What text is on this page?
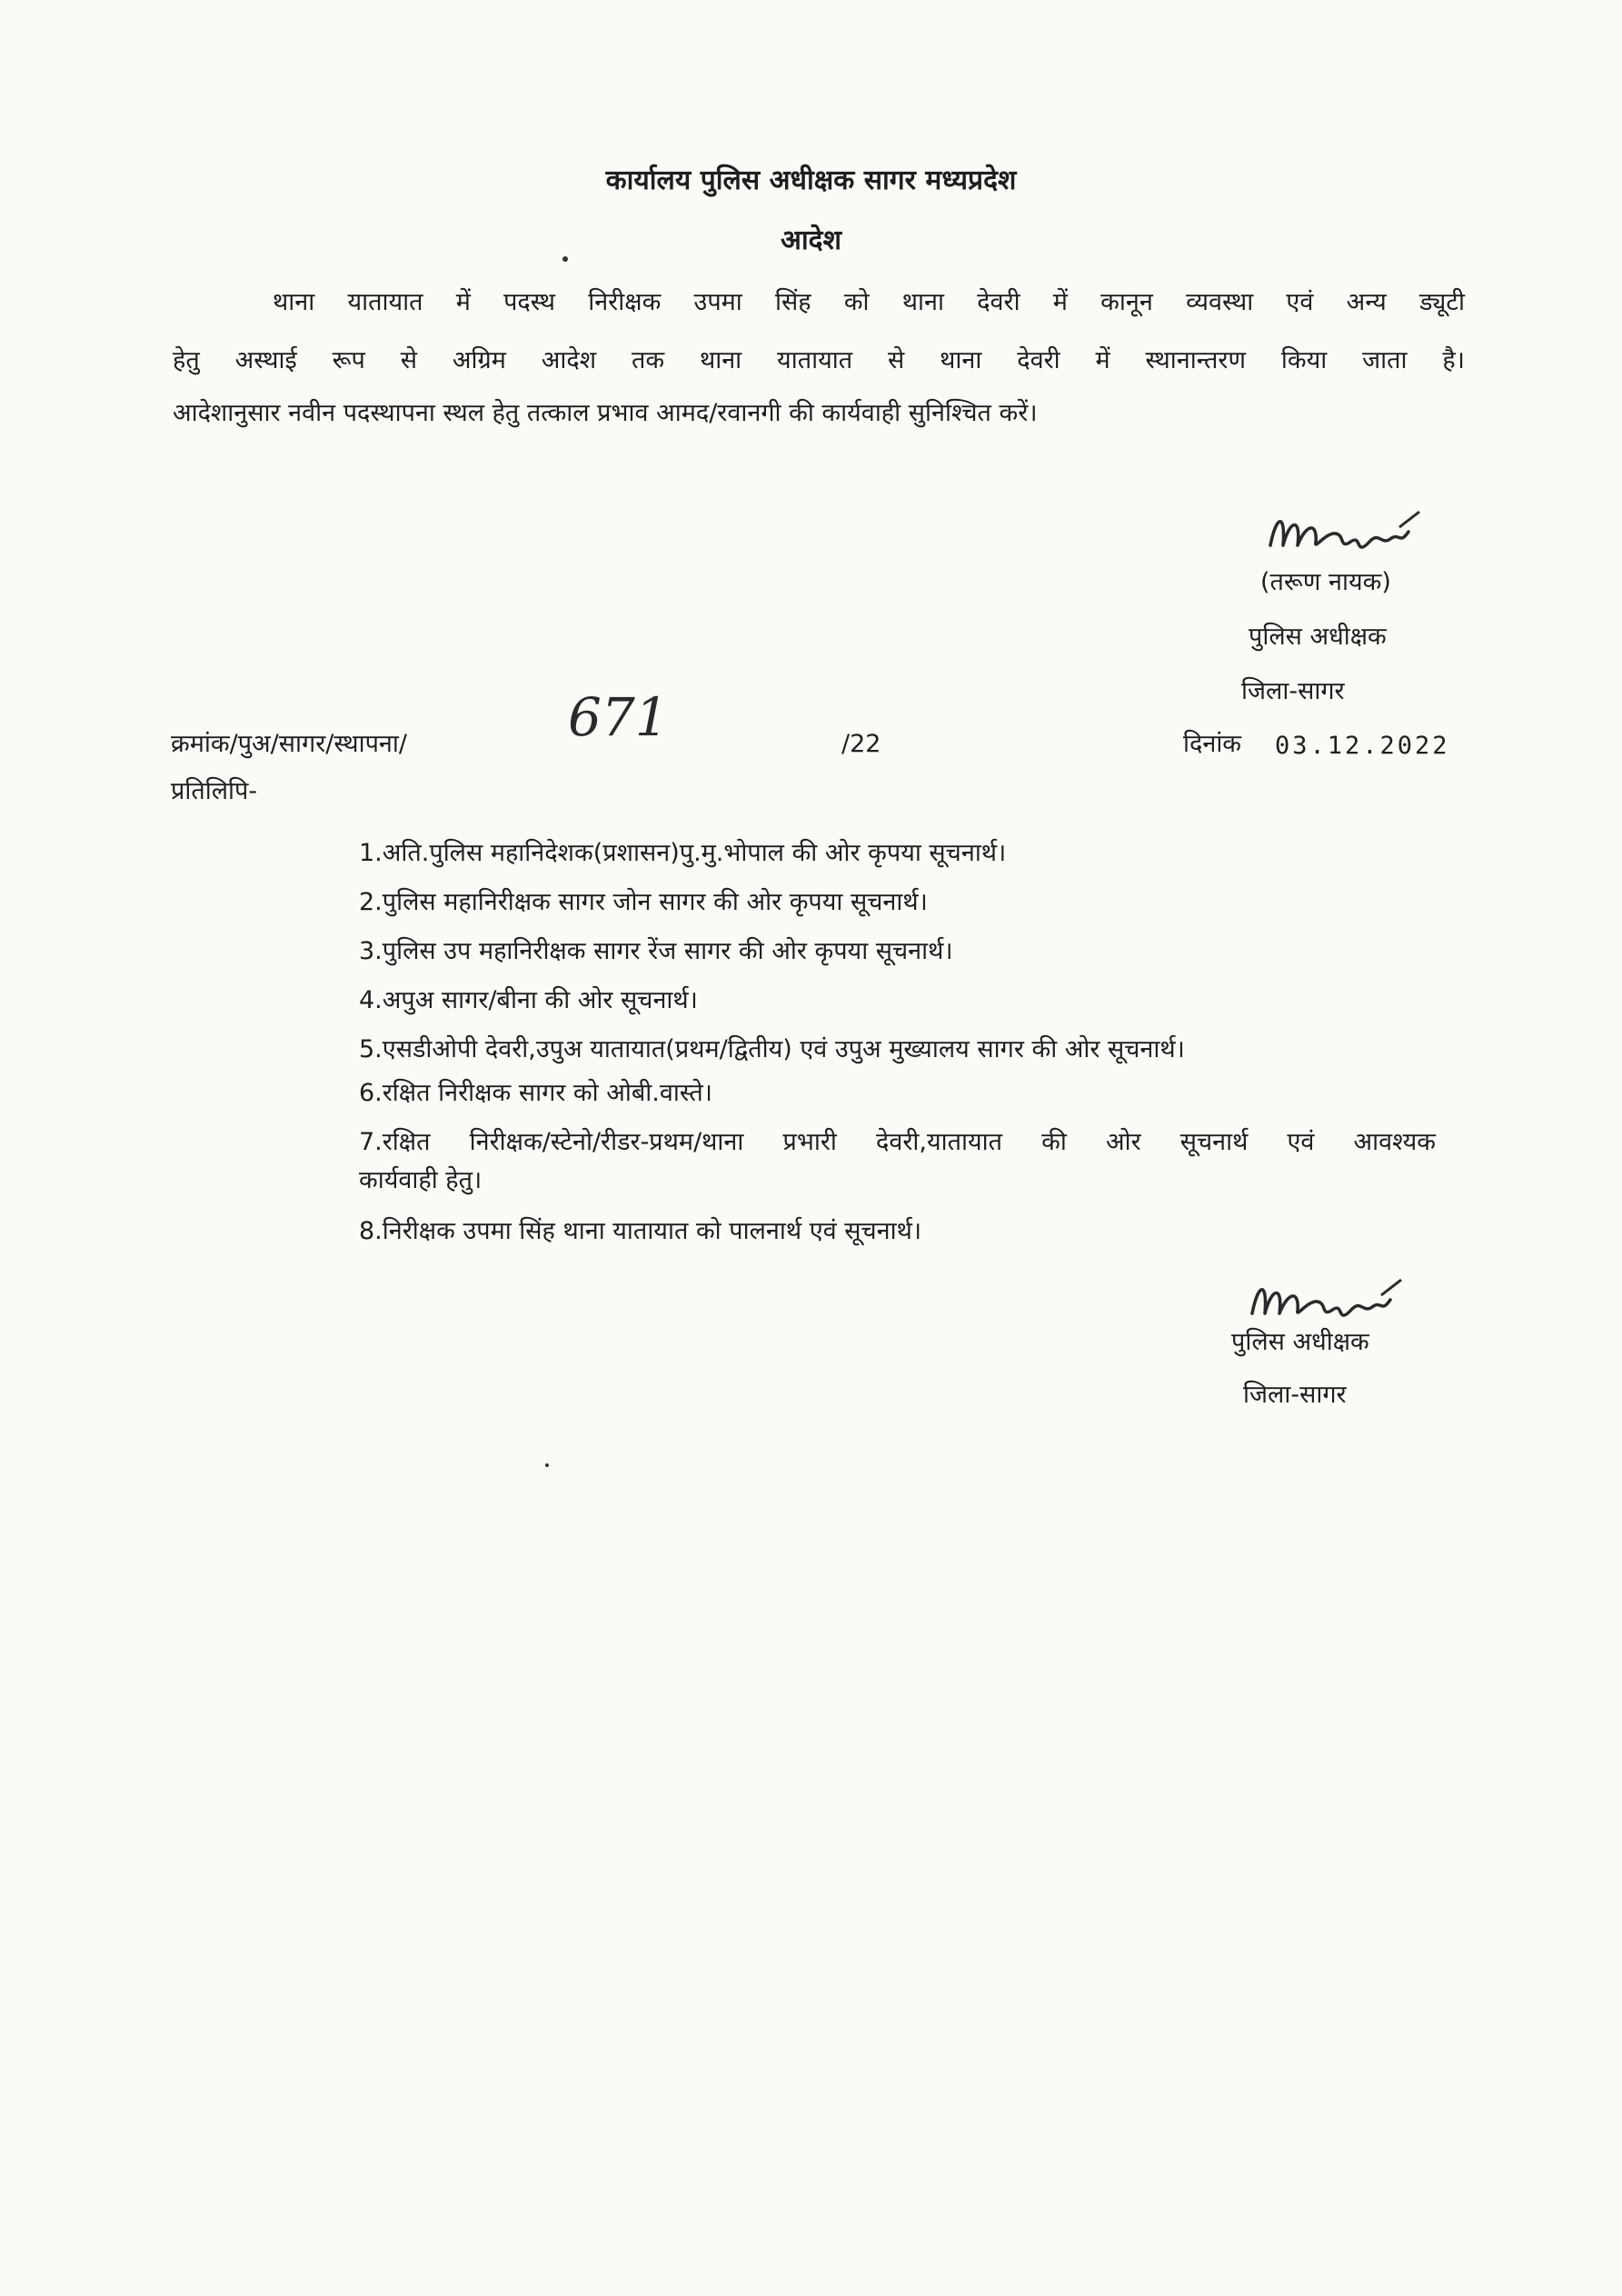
कार्यालय पुलिस अधीक्षक सागर मध्यप्रदेश
आदेश
थाना यातायात में पदस्थ निरीक्षक उपमा सिंह को थाना देवरी में कानून व्यवस्था एवं अन्य ड्यूटी
हेतु अस्थाई रूप से अग्रिम आदेश तक थाना यातायात से थाना देवरी में स्थानान्तरण किया जाता है।
आदेशानुसार नवीन पदस्थापना स्थल हेतु तत्काल प्रभाव आमद/रवानगी की कार्यवाही सुनिश्चित करें।
(तरूण नायक)
पुलिस अधीक्षक
जिला-सागर
क्रमांक/पुअ/सागर/स्थापना/	671	/22	दिनांक 03.12.2022
प्रतिलिपि-
1.अति.पुलिस महानिदेशक(प्रशासन)पु.मु.भोपाल की ओर कृपया सूचनार्थ।
2.पुलिस महानिरीक्षक सागर जोन सागर की ओर कृपया सूचनार्थ।
3.पुलिस उप महानिरीक्षक सागर रेंज सागर की ओर कृपया सूचनार्थ।
4.अपुअ सागर/बीना की ओर सूचनार्थ।
5.एसडीओपी देवरी,उपुअ यातायात(प्रथम/द्वितीय) एवं उपुअ मुख्यालय सागर की ओर सूचनार्थ।
6.रक्षित निरीक्षक सागर को ओबी.वास्ते।
7.रक्षित निरीक्षक/स्टेनो/रीडर-प्रथम/थाना प्रभारी देवरी,यातायात की ओर सूचनार्थ एवं आवश्यक
कार्यवाही हेतु।
8.निरीक्षक उपमा सिंह थाना यातायात को पालनार्थ एवं सूचनार्थ।
पुलिस अधीक्षक
जिला-सागर
